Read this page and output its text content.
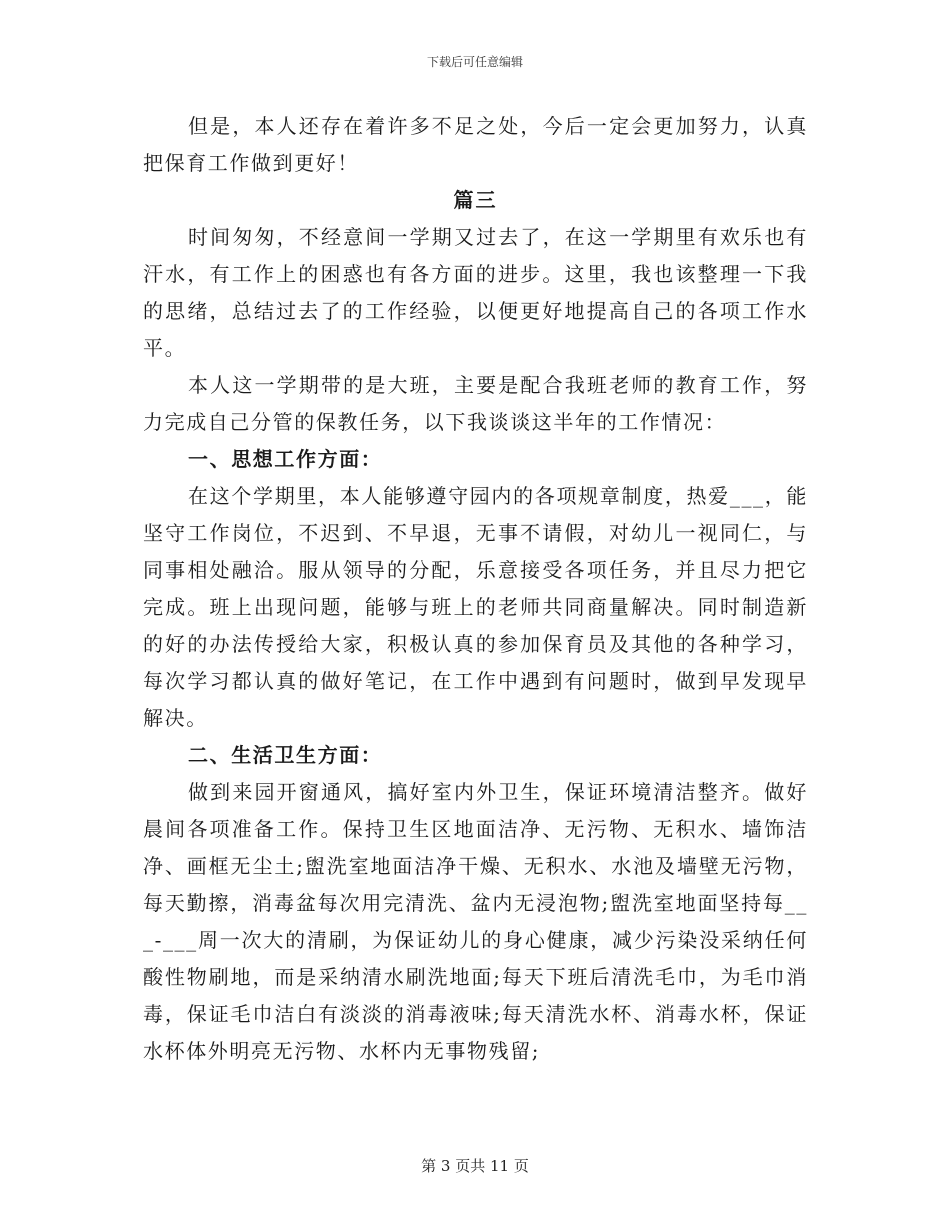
下载后可任意编辑

但是，本人还存在着许多不足之处，今后一定会更加努力，认真把保育工作做到更好！

篇三

时间匆匆，不经意间一学期又过去了，在这一学期里有欢乐也有汗水，有工作上的困惑也有各方面的进步。这里，我也该整理一下我的思绪，总结过去了的工作经验，以便更好地提高自己的各项工作水平。

本人这一学期带的是大班，主要是配合我班老师的教育工作，努力完成自己分管的保教任务，以下我谈谈这半年的工作情况：

一、思想工作方面：

在这个学期里，本人能够遵守园内的各项规章制度，热爱___，能坚守工作岗位，不迟到、不早退，无事不请假，对幼儿一视同仁，与同事相处融洽。服从领导的分配，乐意接受各项任务，并且尽力把它完成。班上出现问题，能够与班上的老师共同商量解决。同时制造新的好的办法传授给大家，积极认真的参加保育员及其他的各种学习，每次学习都认真的做好笔记，在工作中遇到有问题时，做到早发现早解决。

二、生活卫生方面：

做到来园开窗通风，搞好室内外卫生，保证环境清洁整齐。做好晨间各项准备工作。保持卫生区地面洁净、无污物、无积水、墙饰洁净、画框无尘土;盥洗室地面洁净干燥、无积水、水池及墙壁无污物，每天勤擦，消毒盆每次用完清洗、盆内无浸泡物;盥洗室地面坚持每___-___周一次大的清刷，为保证幼儿的身心健康，减少污染没采纳任何酸性物刷地，而是采纳清水刷洗地面;每天下班后清洗毛巾，为毛巾消毒，保证毛巾洁白有淡淡的消毒液味;每天清洗水杯、消毒水杯，保证水杯体外明亮无污物、水杯内无事物残留;

第 3 页共 11 页
